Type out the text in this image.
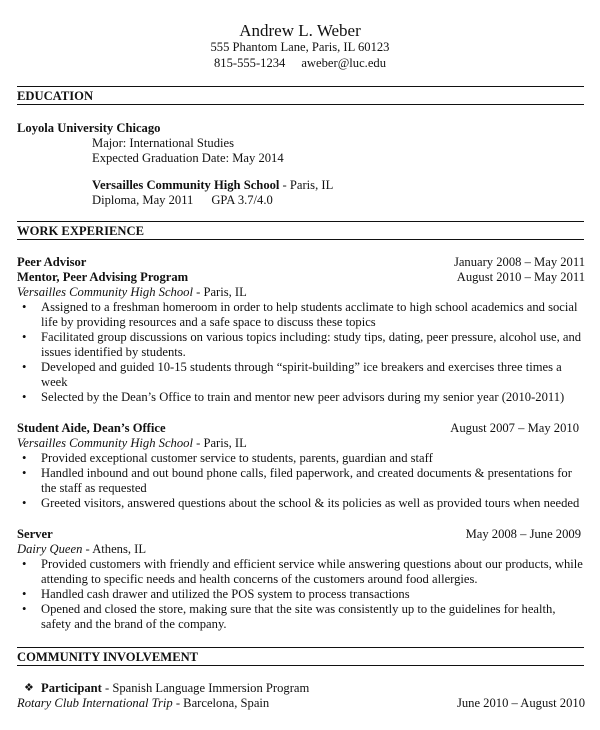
Andrew L. Weber
555 Phantom Lane, Paris, IL 60123
815-555-1234 aweber@luc.edu
EDUCATION
Loyola University Chicago
Major: International Studies
Expected Graduation Date: May 2014
Versailles Community High School - Paris, IL
Diploma, May 2011 GPA 3.7/4.0
WORK EXPERIENCE
Peer Advisor	January 2008 – May 2011
Mentor, Peer Advising Program	August 2010 – May 2011
Versailles Community High School - Paris, IL
• Assigned to a freshman homeroom in order to help students acclimate to high school academics and social life by providing resources and a safe space to discuss these topics
• Facilitated group discussions on various topics including: study tips, dating, peer pressure, alcohol use, and issues identified by students.
• Developed and guided 10-15 students through “spirit-building” ice breakers and exercises three times a week
• Selected by the Dean’s Office to train and mentor new peer advisors during my senior year (2010-2011)
Student Aide, Dean’s Office	August 2007 – May 2010
Versailles Community High School - Paris, IL
• Provided exceptional customer service to students, parents, guardian and staff
• Handled inbound and out bound phone calls, filed paperwork, and created documents & presentations for the staff as requested
• Greeted visitors, answered questions about the school & its policies as well as provided tours when needed
Server	May 2008 – June 2009
Dairy Queen - Athens, IL
• Provided customers with friendly and efficient service while answering questions about our products, while attending to specific needs and health concerns of the customers around food allergies.
• Handled cash drawer and utilized the POS system to process transactions
• Opened and closed the store, making sure that the site was consistently up to the guidelines for health, safety and the brand of the company.
COMMUNITY INVOLVEMENT
❖ Participant - Spanish Language Immersion Program
Rotary Club International Trip - Barcelona, Spain	June 2010 – August 2010
